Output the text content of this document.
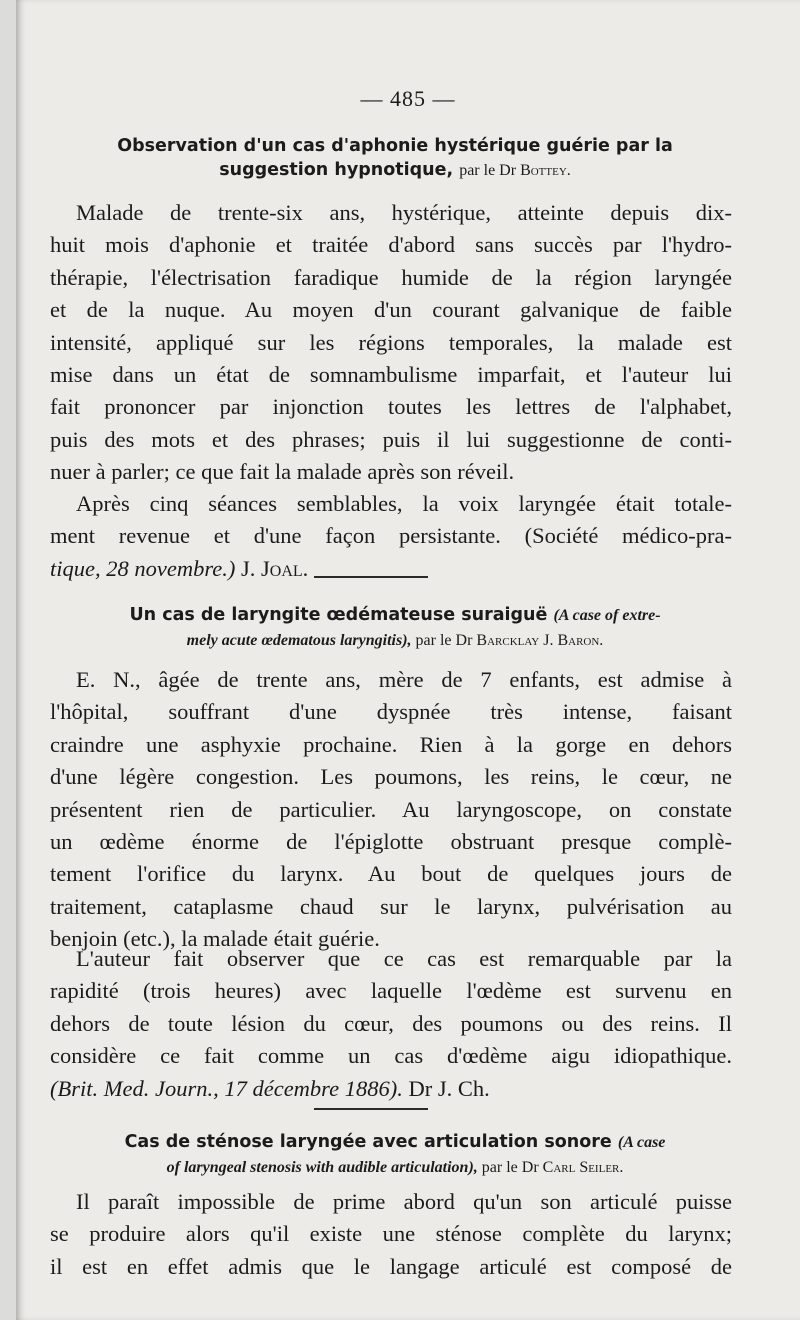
— 485 —
Observation d'un cas d'aphonie hystérique guérie par la
suggestion hypnotique, par le Dr Bottey.
Malade de trente-six ans, hystérique, atteinte depuis dix-
huit mois d'aphonie et traitée d'abord sans succès par l'hydro-
thérapie, l'électrisation faradique humide de la région laryngée
et de la nuque. Au moyen d'un courant galvanique de faible
intensité, appliqué sur les régions temporales, la malade est
mise dans un état de somnambulisme imparfait, et l'auteur lui
fait prononcer par injonction toutes les lettres de l'alphabet,
puis des mots et des phrases; puis il lui suggestionne de conti-
nuer à parler; ce que fait la malade après son réveil.
Après cinq séances semblables, la voix laryngée était totale-
ment revenue et d'une façon persistante. (Société médico-pra-
tique, 28 novembre.) J. Joal.
Un cas de laryngite œdémateuse suraiguë (A case of extre-
mely acute œdematous laryngitis), par le Dr Barcklay J. Baron.
E. N., âgée de trente ans, mère de 7 enfants, est admise à
l'hôpital, souffrant d'une dyspnée très intense, faisant
craindre une asphyxie prochaine. Rien à la gorge en dehors
d'une légère congestion. Les poumons, les reins, le cœur, ne
présentent rien de particulier. Au laryngoscope, on constate
un œdème énorme de l'épiglotte obstruant presque complè-
tement l'orifice du larynx. Au bout de quelques jours de
traitement, cataplasme chaud sur le larynx, pulvérisation au
benjoin (etc.), la malade était guérie.
L'auteur fait observer que ce cas est remarquable par la
rapidité (trois heures) avec laquelle l'œdème est survenu en
dehors de toute lésion du cœur, des poumons ou des reins. Il
considère ce fait comme un cas d'œdème aigu idiopathique.
(Brit. Med. Journ., 17 décembre 1886). Dr J. Ch.
Cas de sténose laryngée avec articulation sonore (A case
of laryngeal stenosis with audible articulation), par le Dr Carl Seiler.
Il paraît impossible de prime abord qu'un son articulé puisse
se produire alors qu'il existe une sténose complète du larynx;
il est en effet admis que le langage articulé est composé de
